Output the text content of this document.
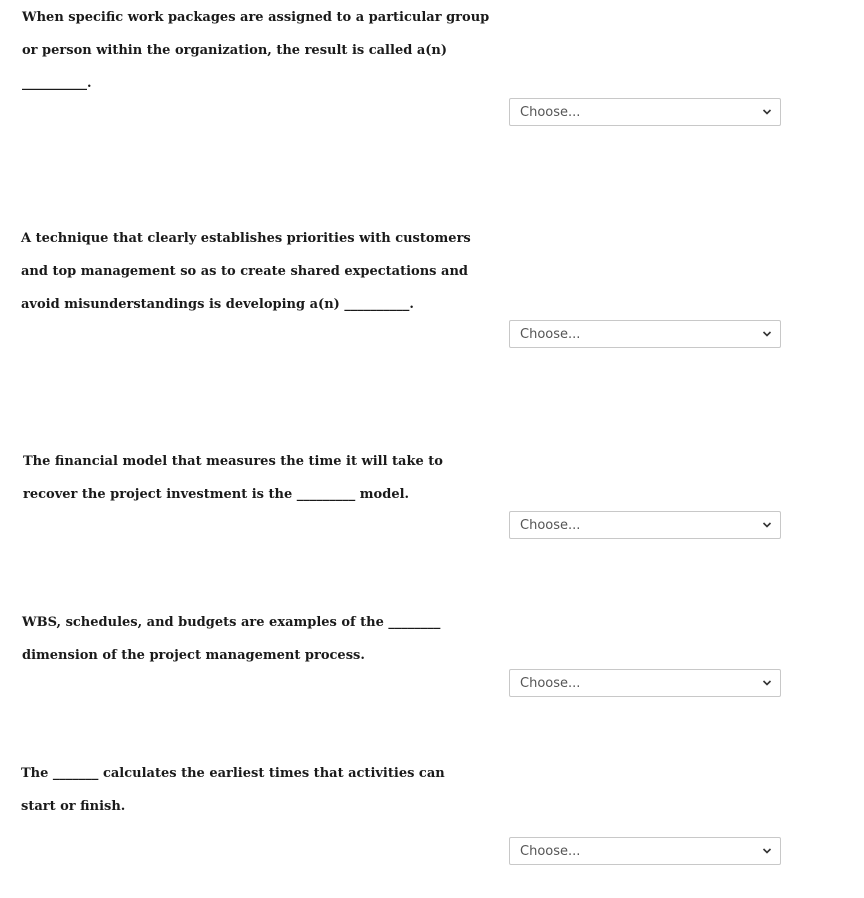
When specific work packages are assigned to a particular group
or person within the organization, the result is called a(n)
__________.
Choose...
A technique that clearly establishes priorities with customers
and top management so as to create shared expectations and
avoid misunderstandings is developing a(n) __________.
Choose...
The financial model that measures the time it will take to
recover the project investment is the _________ model.
Choose...
WBS, schedules, and budgets are examples of the ________
dimension of the project management process.
Choose...
The _______ calculates the earliest times that activities can
start or finish.
Choose...
